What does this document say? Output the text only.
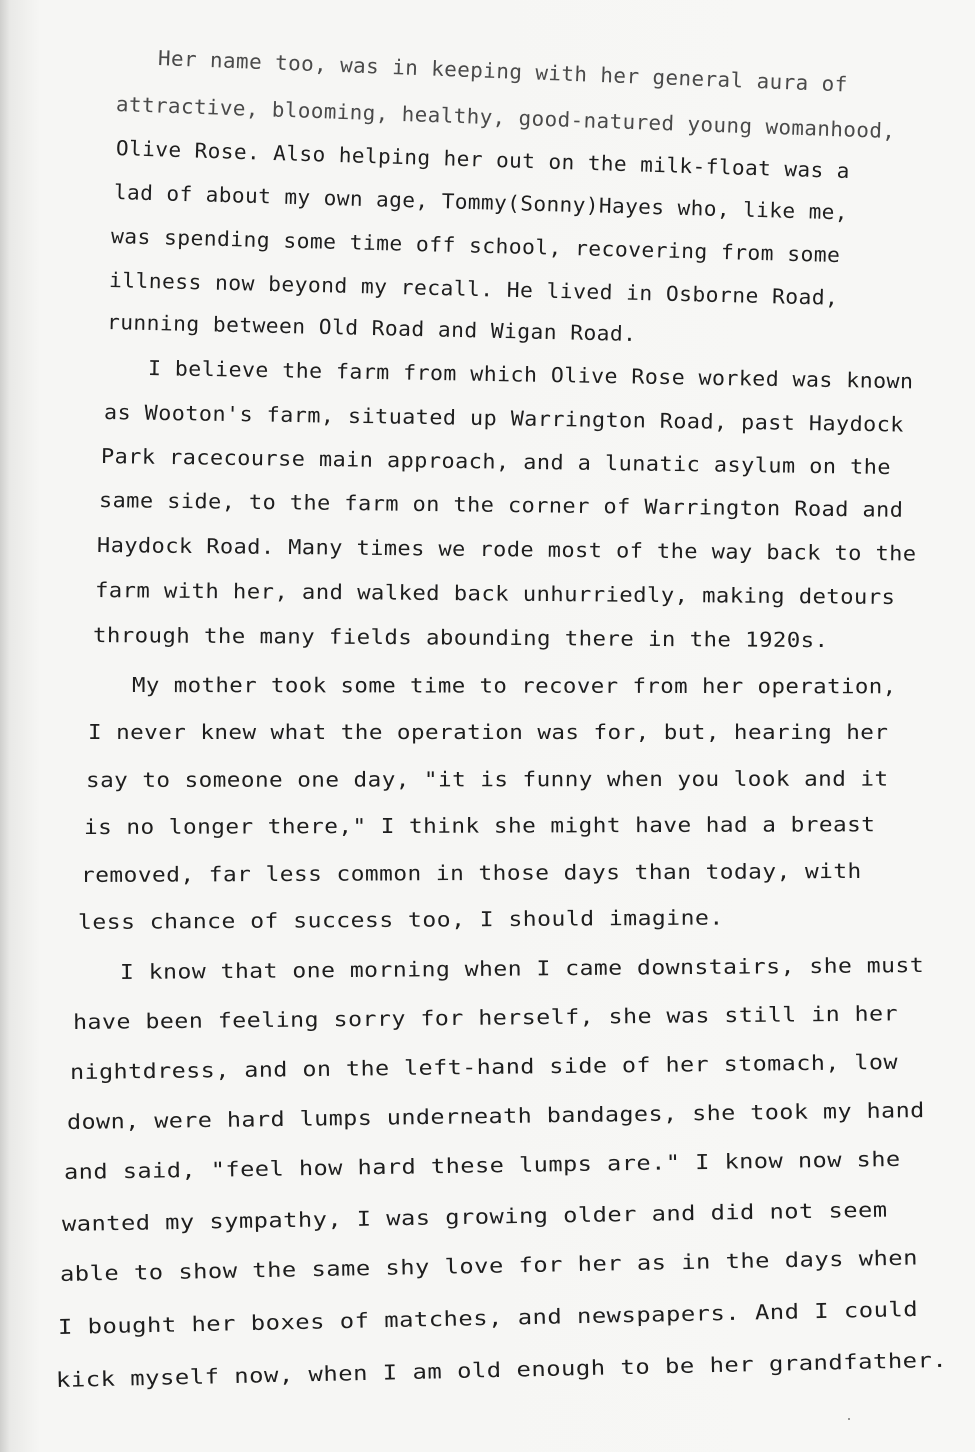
Her name too, was in keeping with her general aura of
attractive, blooming, healthy, good-natured young womanhood,
Olive Rose. Also helping her out on the milk-float was a
lad of about my own age, Tommy(Sonny)Hayes who, like me,
was spending some time off school, recovering from some
illness now beyond my recall. He lived in Osborne Road,
running between Old Road and Wigan Road.
I believe the farm from which Olive Rose worked was known
as Wooton's farm, situated up Warrington Road, past Haydock
Park racecourse main approach, and a lunatic asylum on the
same side, to the farm on the corner of Warrington Road and
Haydock Road. Many times we rode most of the way back to the
farm with her, and walked back unhurriedly, making detours
through the many fields abounding there in the 1920s.
My mother took some time to recover from her operation,
I never knew what the operation was for, but, hearing her
say to someone one day, "it is funny when you look and it
is no longer there," I think she might have had a breast
removed, far less common in those days than today, with
less chance of success too, I should imagine.
I know that one morning when I came downstairs, she must
have been feeling sorry for herself, she was still in her
nightdress, and on the left-hand side of her stomach, low
down, were hard lumps underneath bandages, she took my hand
and said, "feel how hard these lumps are." I know now she
wanted my sympathy, I was growing older and did not seem
able to show the same shy love for her as in the days when
I bought her boxes of matches, and newspapers. And I could
kick myself now, when I am old enough to be her grandfather.
